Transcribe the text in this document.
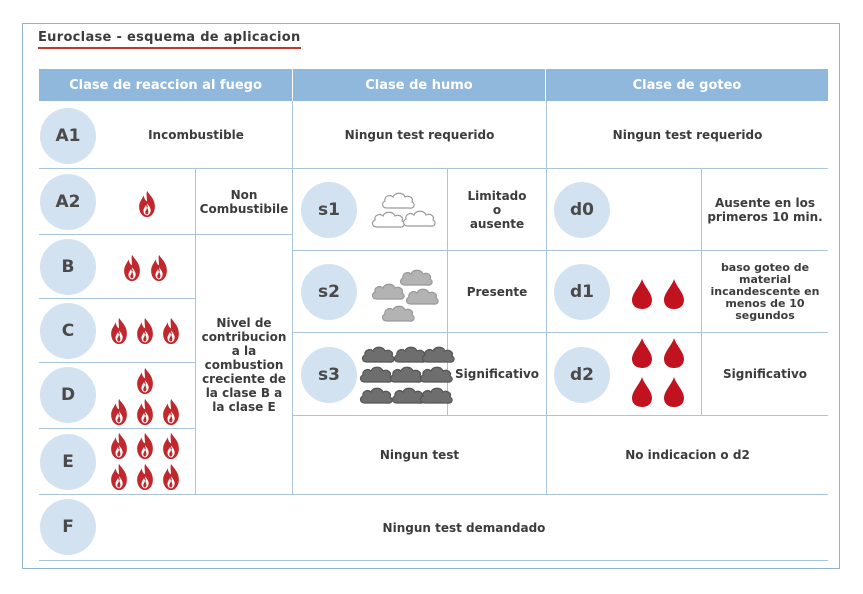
Euroclase - esquema de aplicacion
Clase de reaccion al fuego	Clase de humo	Clase de goteo
A1
A2
B
C
D
E
F
Incombustible
Non
Combustibile
Nivel de
contribucion
a la
combustion
creciente de
la clase B a
la clase E
Ningun test demandado
Ningun test requerido
s1
s2
s3
Limitado
o
ausente
Presente
Significativo
Ningun test
Ningun test requerido
d0
d1
d2
Ausente en los
primeros 10 min.
baso goteo de material
incandescente en
menos de 10 segundos
Significativo
No indicacion o d2
